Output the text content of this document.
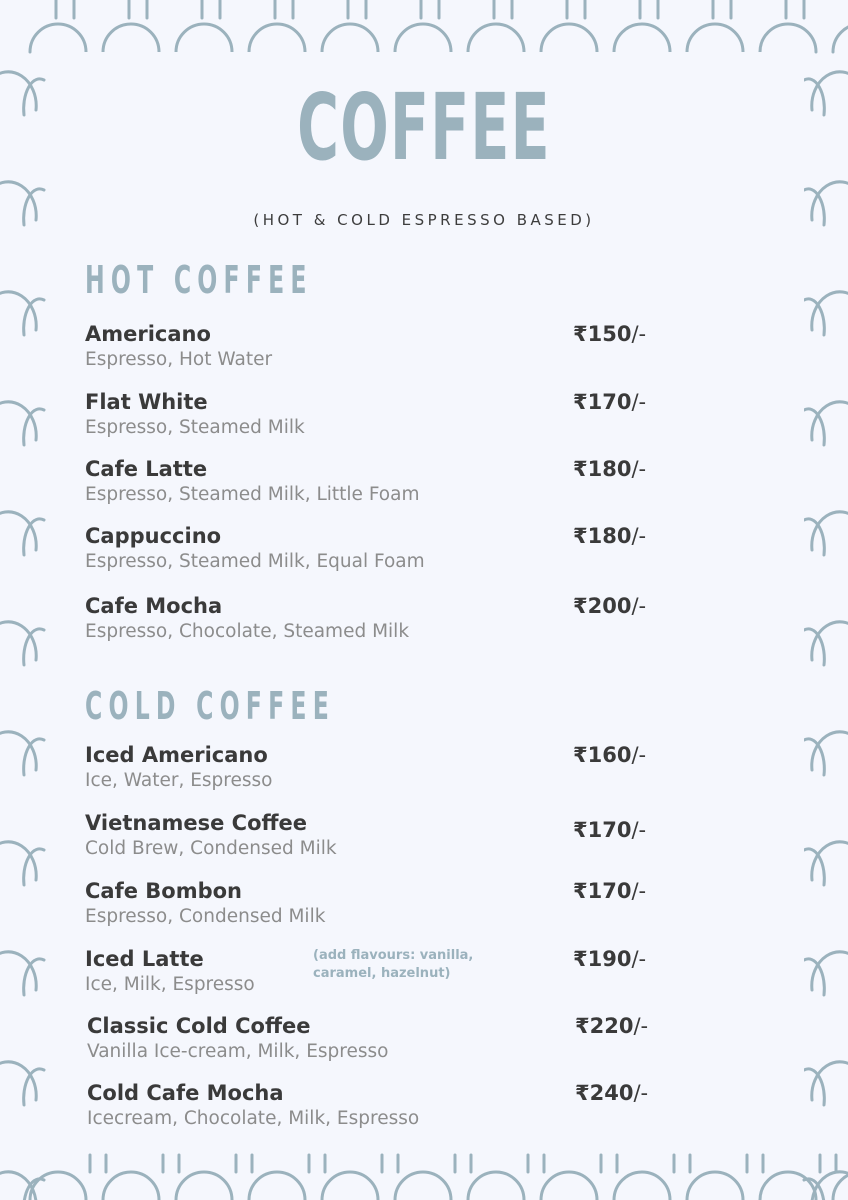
COFFEE
(HOT & COLD ESPRESSO BASED)
HOT COFFEE
Americano
Espresso, Hot Water
₹150/-
Flat White
Espresso, Steamed Milk
₹170/-
Cafe Latte
Espresso, Steamed Milk, Little Foam
₹180/-
Cappuccino
Espresso, Steamed Milk, Equal Foam
₹180/-
Cafe Mocha
Espresso, Chocolate, Steamed Milk
₹200/-
COLD COFFEE
Iced Americano
Ice, Water, Espresso
₹160/-
Vietnamese Coffee
Cold Brew, Condensed Milk
₹170/-
Cafe Bombon
Espresso, Condensed Milk
₹170/-
Iced Latte	(add flavours: vanilla, caramel, hazelnut)
Ice, Milk, Espresso
₹190/-
Classic Cold Coffee
Vanilla Ice-cream, Milk, Espresso
₹220/-
Cold Cafe Mocha
Icecream, Chocolate, Milk, Espresso
₹240/-
